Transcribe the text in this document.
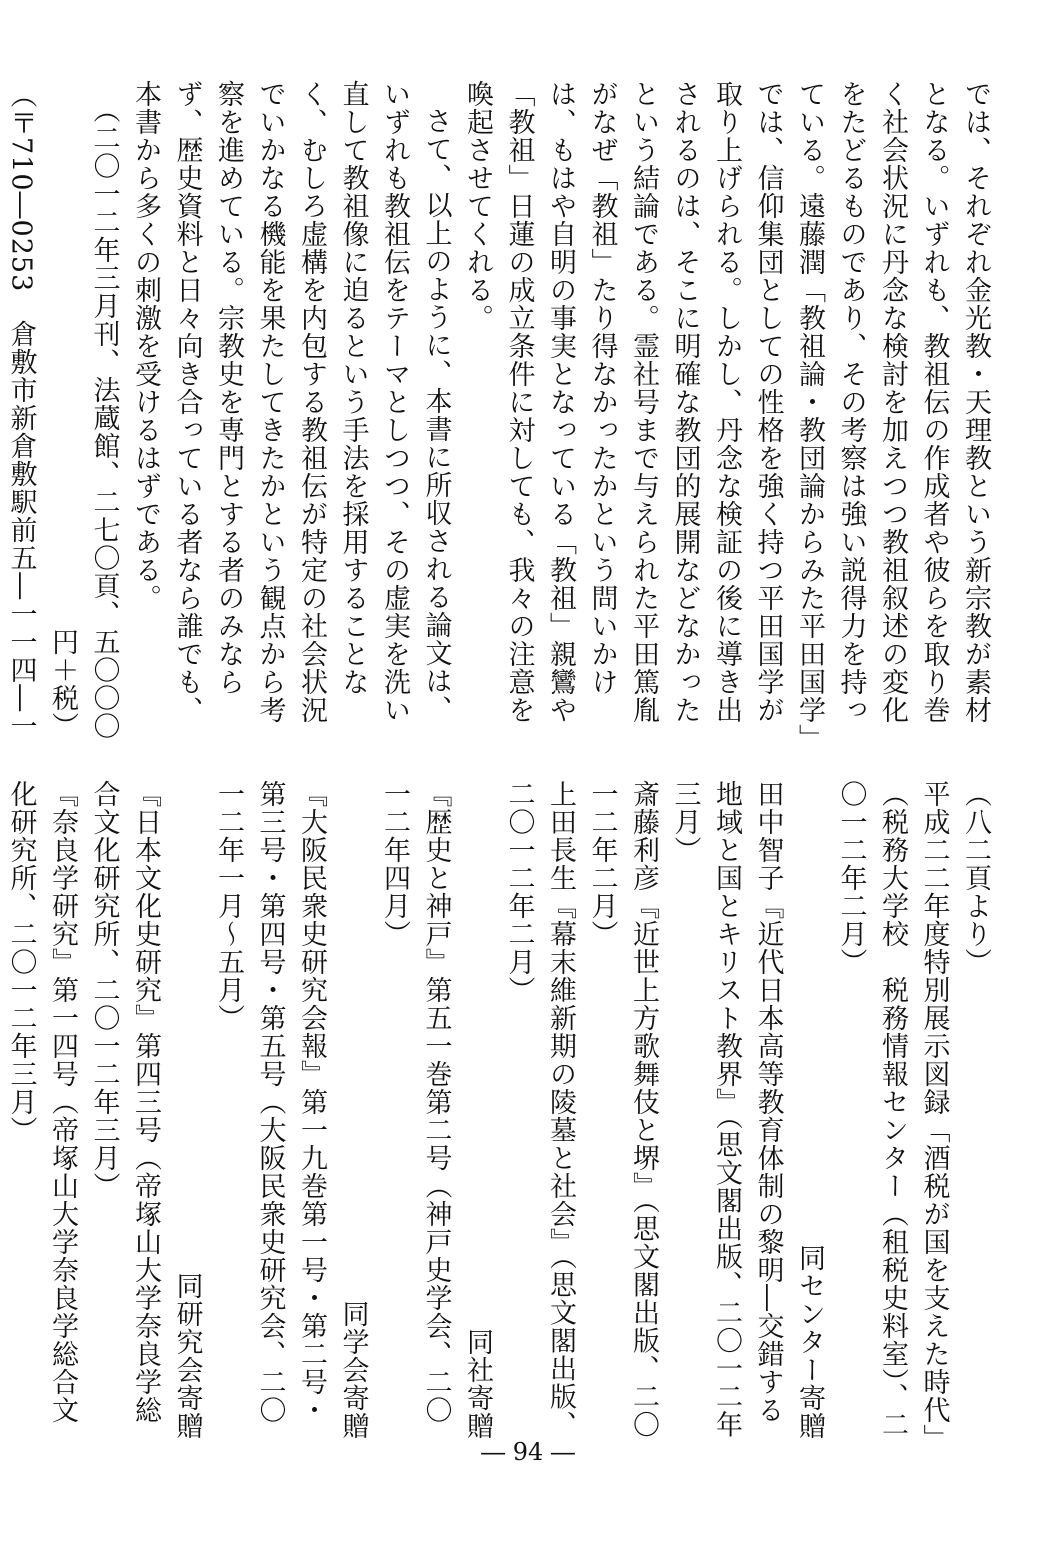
では、それぞれ金光教・天理教という新宗教が素材となる。いずれも、教祖伝の作成者や彼らを取り巻く社会状況に丹念な検討を加えつつ教祖叙述の変化をたどるものであり、その考察は強い説得力を持っている。遠藤潤「教祖論・教団論からみた平田国学」では、信仰集団としての性格を強く持つ平田国学が取り上げられる。しかし、丹念な検証の後に導き出されるのは、そこに明確な教団的展開などなかったという結論である。霊社号まで与えられた平田篤胤がなぜ「教祖」たり得なかったかという問いかけは、もはや自明の事実となっている「教祖」親鸞や「教祖」日蓮の成立条件に対しても、我々の注意を喚起させてくれる。

さて、以上のように、本書に所収される論文は、いずれも教祖伝をテーマとしつつ、その虚実を洗い直して教祖像に迫るという手法を採用することなく、むしろ虚構を内包する教祖伝が特定の社会状況でいかなる機能を果たしてきたかという観点から考察を進めている。宗教史を専門とする者のみならず、歴史資料と日々向き合っている者なら誰でも、本書から多くの刺激を受けるはずである。

（二〇一二年三月刊、法蔵館、二七〇頁、五〇〇〇円＋税）

（〒710―0253　倉敷市新倉敷駅前五―一一四―一

（八二頁より）

平成二二年度特別展示図録「酒税が国を支えた時代」（税務大学校　税務情報センター（租税史料室）、二〇一二年二月）

同センター寄贈

田中智子『近代日本高等教育体制の黎明―交錯する地域と国とキリスト教界』（思文閣出版、二〇一二年三月）

斎藤利彦『近世上方歌舞伎と堺』（思文閣出版、二〇一二年二月）

上田長生『幕末維新期の陵墓と社会』（思文閣出版、二〇一二年二月）

同社寄贈

『歴史と神戸』第五一巻第二号（神戸史学会、二〇一二年四月）

同学会寄贈

『大阪民衆史研究会報』第一九巻第一号・第二号・第三号・第四号・第五号（大阪民衆史研究会、二〇一二年一月～五月）

同研究会寄贈

『日本文化史研究』第四三号（帝塚山大学奈良学総合文化研究所、二〇一二年三月）

『奈良学研究』第一四号（帝塚山大学奈良学総合文化研究所、二〇一二年三月）

― 94 ―
